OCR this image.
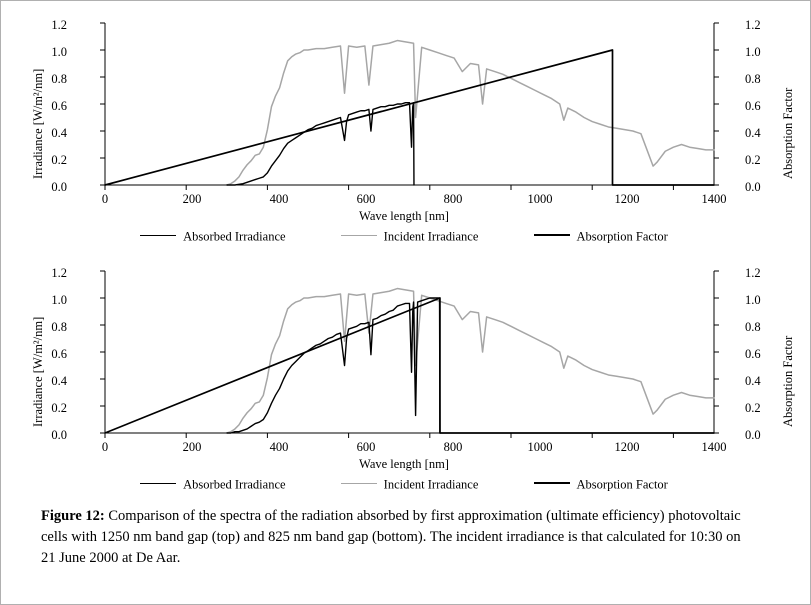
Irradiance [W/m²/nm]	Absorption Factor
0.0
0.2
0.4
0.6
0.8
1.0
1.2
0.0
0.2
0.4
0.6
0.8
1.0
1.2
0	200	400	600	800	1000	1200	1400
Wave length [nm]
Absorbed Irradiance	Incident Irradiance	Absorption Factor
Irradiance [W/m²/nm]	Absorption Factor
0.0
0.2
0.4
0.6
0.8
1.0
1.2
0.0
0.2
0.4
0.6
0.8
1.0
1.2
0	200	400	600	800	1000	1200	1400
Wave length [nm]
Absorbed Irradiance	Incident Irradiance	Absorption Factor
Figure 12: Comparison of the spectra of the radiation absorbed by first approximation (ultimate efficiency) photovoltaic cells with 1250 nm band gap (top) and 825 nm band gap (bottom). The incident irradiance is that calculated for 10:30 on 21 June 2000 at De Aar.
